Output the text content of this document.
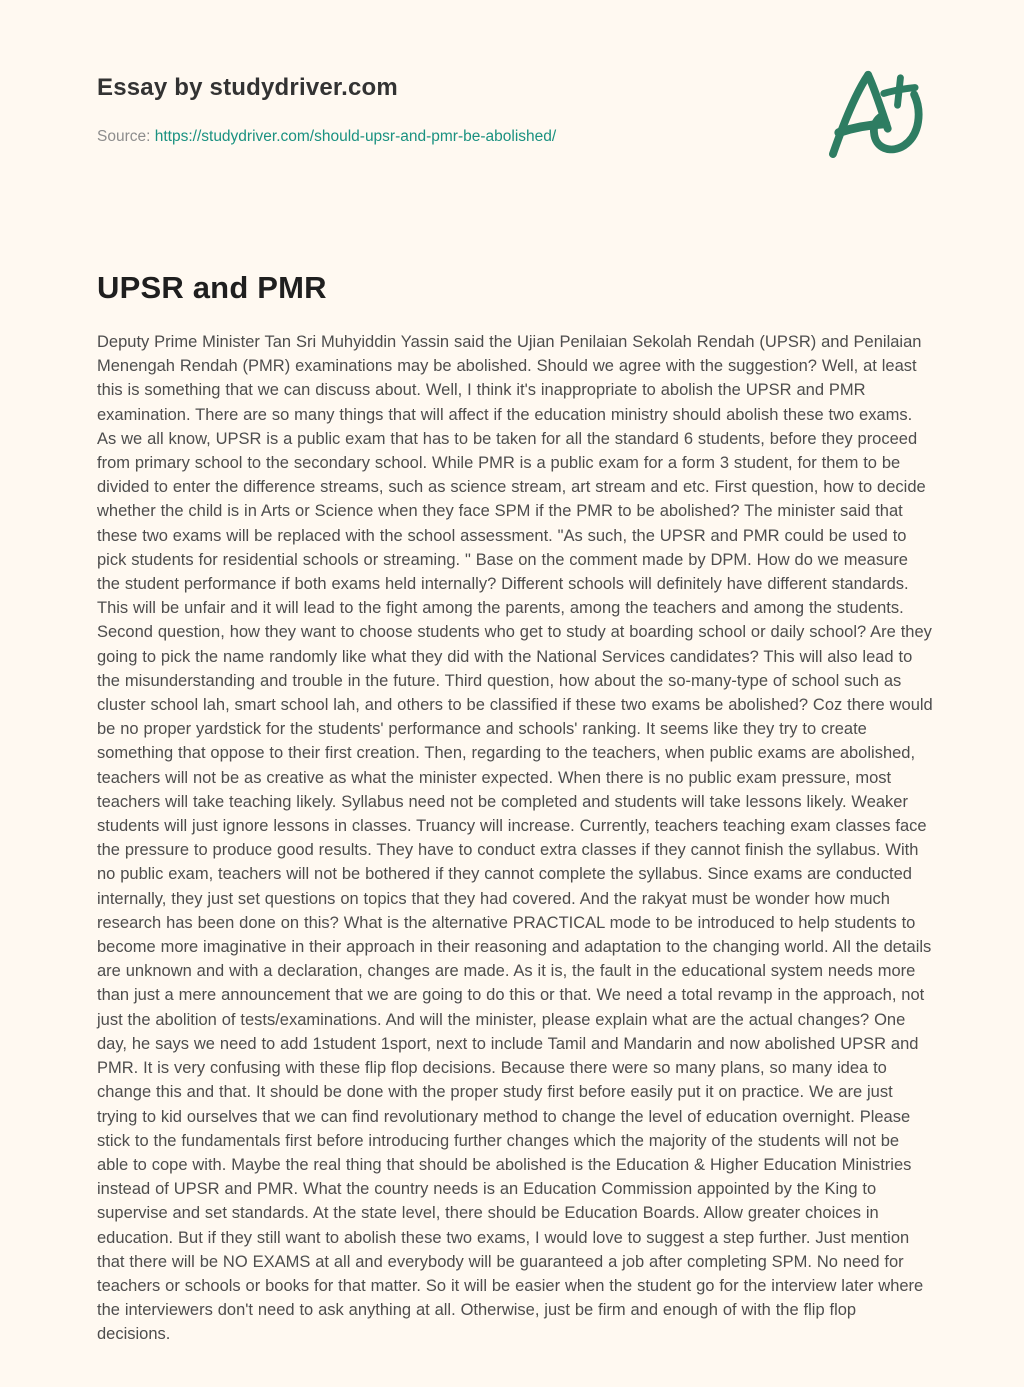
Essay by studydriver.com
Source: https://studydriver.com/should-upsr-and-pmr-be-abolished/
UPSR and PMR

Deputy Prime Minister Tan Sri Muhyiddin Yassin said the Ujian Penilaian Sekolah Rendah (UPSR) and Penilaian Menengah Rendah (PMR) examinations may be abolished. Should we agree with the suggestion? Well, at least this is something that we can discuss about. Well, I think it's inappropriate to abolish the UPSR and PMR examination. There are so many things that will affect if the education ministry should abolish these two exams. As we all know, UPSR is a public exam that has to be taken for all the standard 6 students, before they proceed from primary school to the secondary school. While PMR is a public exam for a form 3 student, for them to be divided to enter the difference streams, such as science stream, art stream and etc. First question, how to decide whether the child is in Arts or Science when they face SPM if the PMR to be abolished? The minister said that these two exams will be replaced with the school assessment. "As such, the UPSR and PMR could be used to pick students for residential schools or streaming. " Base on the comment made by DPM. How do we measure the student performance if both exams held internally? Different schools will definitely have different standards. This will be unfair and it will lead to the fight among the parents, among the teachers and among the students. Second question, how they want to choose students who get to study at boarding school or daily school? Are they going to pick the name randomly like what they did with the National Services candidates? This will also lead to the misunderstanding and trouble in the future. Third question, how about the so-many-type of school such as cluster school lah, smart school lah, and others to be classified if these two exams be abolished? Coz there would be no proper yardstick for the students' performance and schools' ranking. It seems like they try to create something that oppose to their first creation. Then, regarding to the teachers, when public exams are abolished, teachers will not be as creative as what the minister expected. When there is no public exam pressure, most teachers will take teaching likely. Syllabus need not be completed and students will take lessons likely. Weaker students will just ignore lessons in classes. Truancy will increase. Currently, teachers teaching exam classes face the pressure to produce good results. They have to conduct extra classes if they cannot finish the syllabus. With no public exam, teachers will not be bothered if they cannot complete the syllabus. Since exams are conducted internally, they just set questions on topics that they had covered. And the rakyat must be wonder how much research has been done on this? What is the alternative PRACTICAL mode to be introduced to help students to become more imaginative in their approach in their reasoning and adaptation to the changing world. All the details are unknown and with a declaration, changes are made. As it is, the fault in the educational system needs more than just a mere announcement that we are going to do this or that. We need a total revamp in the approach, not just the abolition of tests/examinations. And will the minister, please explain what are the actual changes? One day, he says we need to add 1student 1sport, next to include Tamil and Mandarin and now abolished UPSR and PMR. It is very confusing with these flip flop decisions. Because there were so many plans, so many idea to change this and that. It should be done with the proper study first before easily put it on practice. We are just trying to kid ourselves that we can find revolutionary method to change the level of education overnight. Please stick to the fundamentals first before introducing further changes which the majority of the students will not be able to cope with. Maybe the real thing that should be abolished is the Education & Higher Education Ministries instead of UPSR and PMR. What the country needs is an Education Commission appointed by the King to supervise and set standards. At the state level, there should be Education Boards. Allow greater choices in education. But if they still want to abolish these two exams, I would love to suggest a step further. Just mention that there will be NO EXAMS at all and everybody will be guaranteed a job after completing SPM. No need for teachers or schools or books for that matter. So it will be easier when the student go for the interview later where the interviewers don't need to ask anything at all. Otherwise, just be firm and enough of with the flip flop decisions.
